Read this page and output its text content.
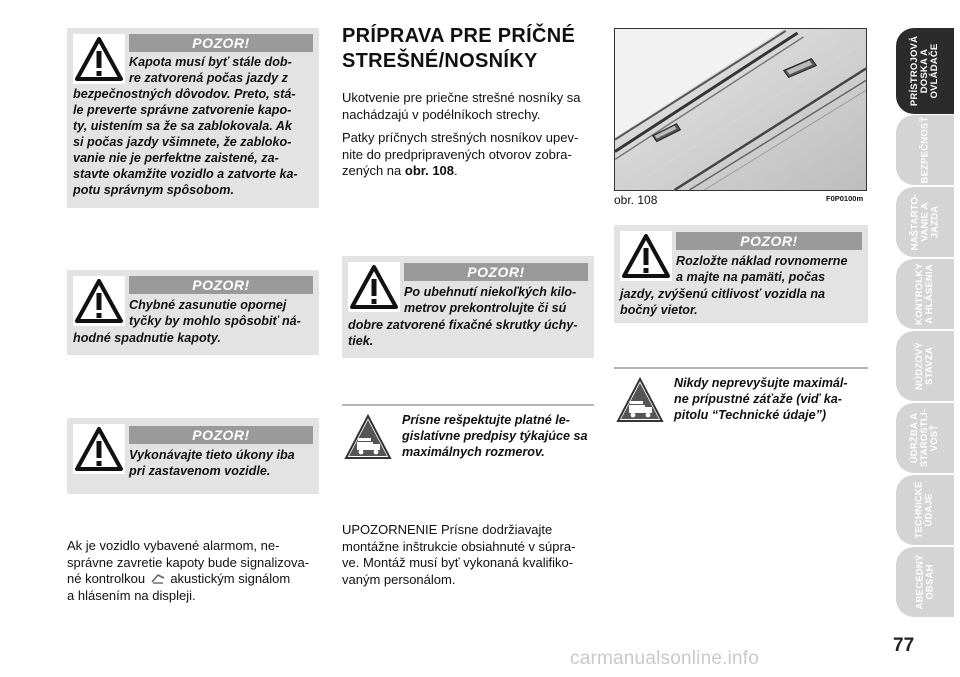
POZOR!
Kapota musí byť stále dob-
re zatvorená počas jazdy z
bezpečnostných dôvodov. Preto, stá-
le preverte správne zatvorenie kapo-
ty, uistením sa že sa zablokovala. Ak
si počas jazdy všimnete, že zabloko-
vanie nie je perfektne zaistené, za-
stavte okamžite vozidlo a zatvorte ka-
potu správnym spôsobom.
POZOR!
Chybné zasunutie opornej
tyčky by mohlo spôsobiť ná-
hodné spadnutie kapoty.
POZOR!
Vykonávajte tieto úkony iba
pri zastavenom vozidle.
Ak je vozidlo vybavené alarmom, ne-
správne zavretie kapoty bude signalizova-
né kontrolkou akustickým signálom
a hlásením na displeji.
PRÍPRAVA PRE PRÍČNÉ
STREŠNÉ/NOSNÍKY
Ukotvenie pre priečne strešné nosníky sa
nachádzajú v podélníkoch strechy.
Patky príčnych strešných nosníkov upev-
nite do predpripravených otvorov zobra-
zených na obr. 108.
POZOR!
Po ubehnutí niekoľkých kilo-
metrov prekontrolujte či sú
dobre zatvorené fixačné skrutky úchy-
tiek.
Prísne rešpektujte platné le-
gislatívne predpisy týkajúce sa
maximálnych rozmerov.
UPOZORNENIE Prísne dodržiavajte
montážne inštrukcie obsiahnuté v súpra-
ve. Montáž musí byť vykonaná kvalifiko-
vaným personálom.
obr. 108	F0P0100m
POZOR!
Rozložte náklad rovnomerne
a majte na pamäti, počas
jazdy, zvýšenú citlivosť vozidla na
bočný vietor.
Nikdy neprevyšujte maximál-
ne prípustné záťaže (viď ka-
pitolu “Technické údaje”)
PRÍSTROJOVÁ
DOSKA A
OVLÁDAČE
BEZPEČNOSŤ
NAŠTARTO-
VANIE A
JAZDA
KONTROLKY
A HLÁSENIA
NÚDZOVÝ
STAVZA
ÚDRŽBA A
STAROSTLI-
VOSŤ
TECHNICKÉ
ÚDAJE
ABECEDNÝ
OBSAH
77
carmanualsonline.info
